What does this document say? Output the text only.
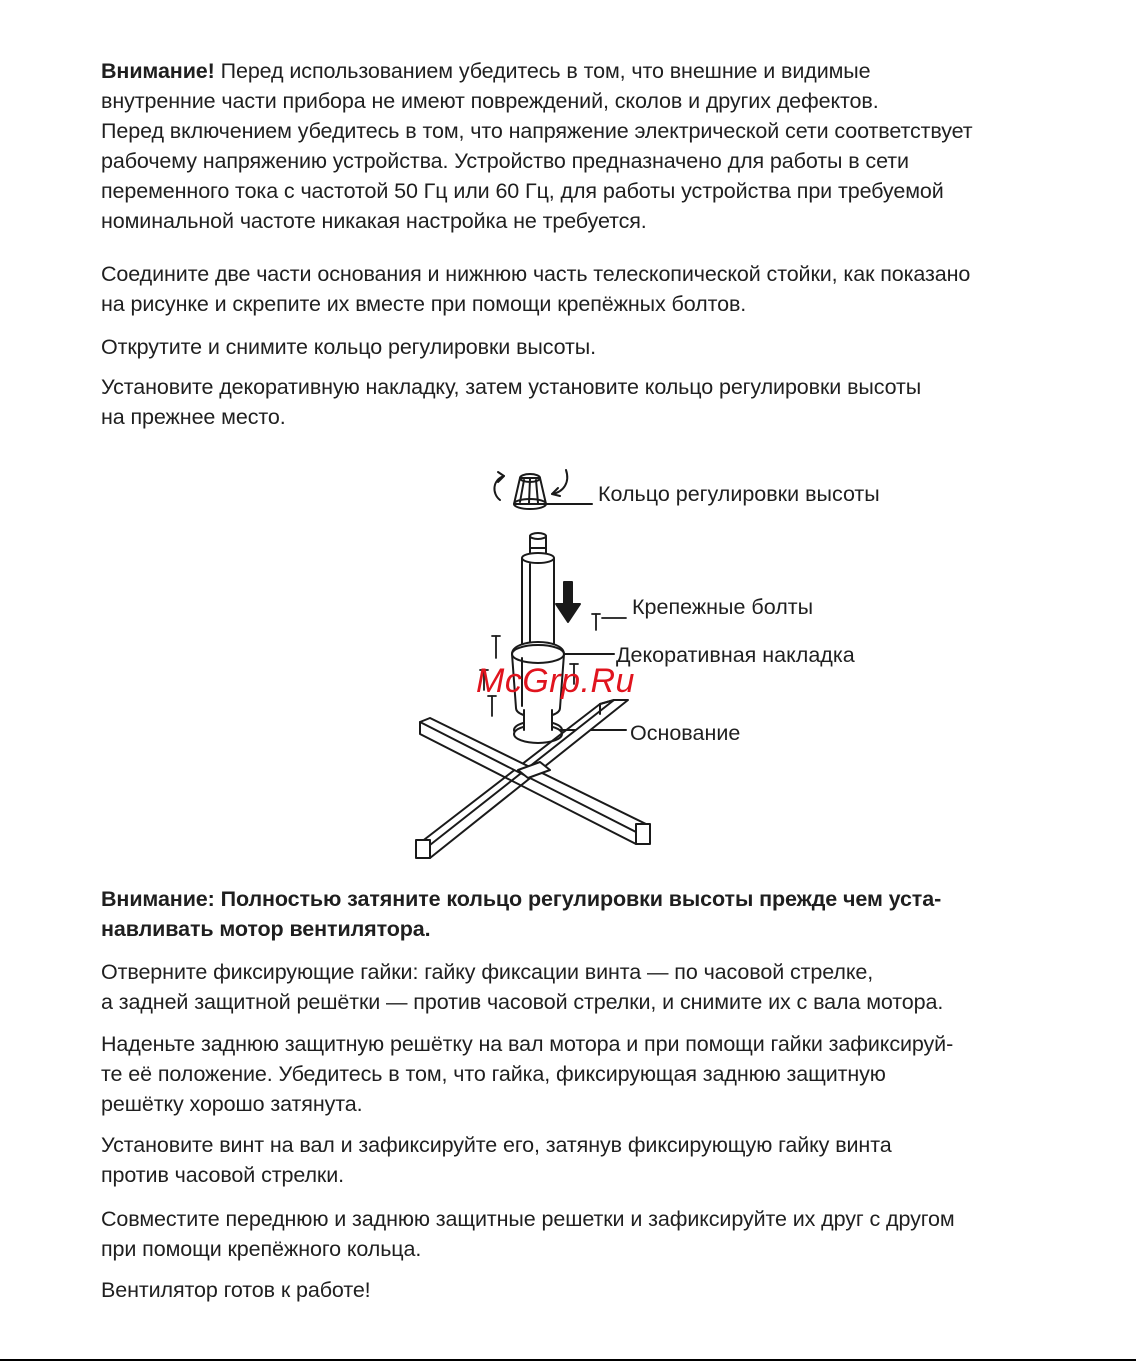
Внимание! Перед использованием убедитесь в том, что внешние и видимые
внутренние части прибора не имеют повреждений, сколов и других дефектов.
Перед включением убедитесь в том, что напряжение электрической сети соответствует
рабочему напряжению устройства. Устройство предназначено для работы в сети
переменного тока с частотой 50 Гц или 60 Гц, для работы устройства при требуемой
номинальной частоте никакая настройка не требуется.

Соедините две части основания и нижнюю часть телескопической стойки, как показано
на рисунке и скрепите их вместе при помощи крепёжных болтов.

Открутите и снимите кольцо регулировки высоты.

Установите декоративную накладку, затем установите кольцо регулировки высоты
на прежнее место.

Кольцо регулировки высоты
Крепежные болты
Декоративная накладка
Основание
McGrp.Ru

Внимание: Полностью затяните кольцо регулировки высоты прежде чем уста-
навливать мотор вентилятора.

Отверните фиксирующие гайки: гайку фиксации винта — по часовой стрелке,
а задней защитной решётки — против часовой стрелки, и снимите их с вала мотора.

Наденьте заднюю защитную решётку на вал мотора и при помощи гайки зафиксируй-
те её положение. Убедитесь в том, что гайка, фиксирующая заднюю защитную
решётку хорошо затянута.

Установите винт на вал и зафиксируйте его, затянув фиксирующую гайку винта
против часовой стрелки.

Совместите переднюю и заднюю защитные решетки и зафиксируйте их друг с другом
при помощи крепёжного кольца.

Вентилятор готов к работе!
